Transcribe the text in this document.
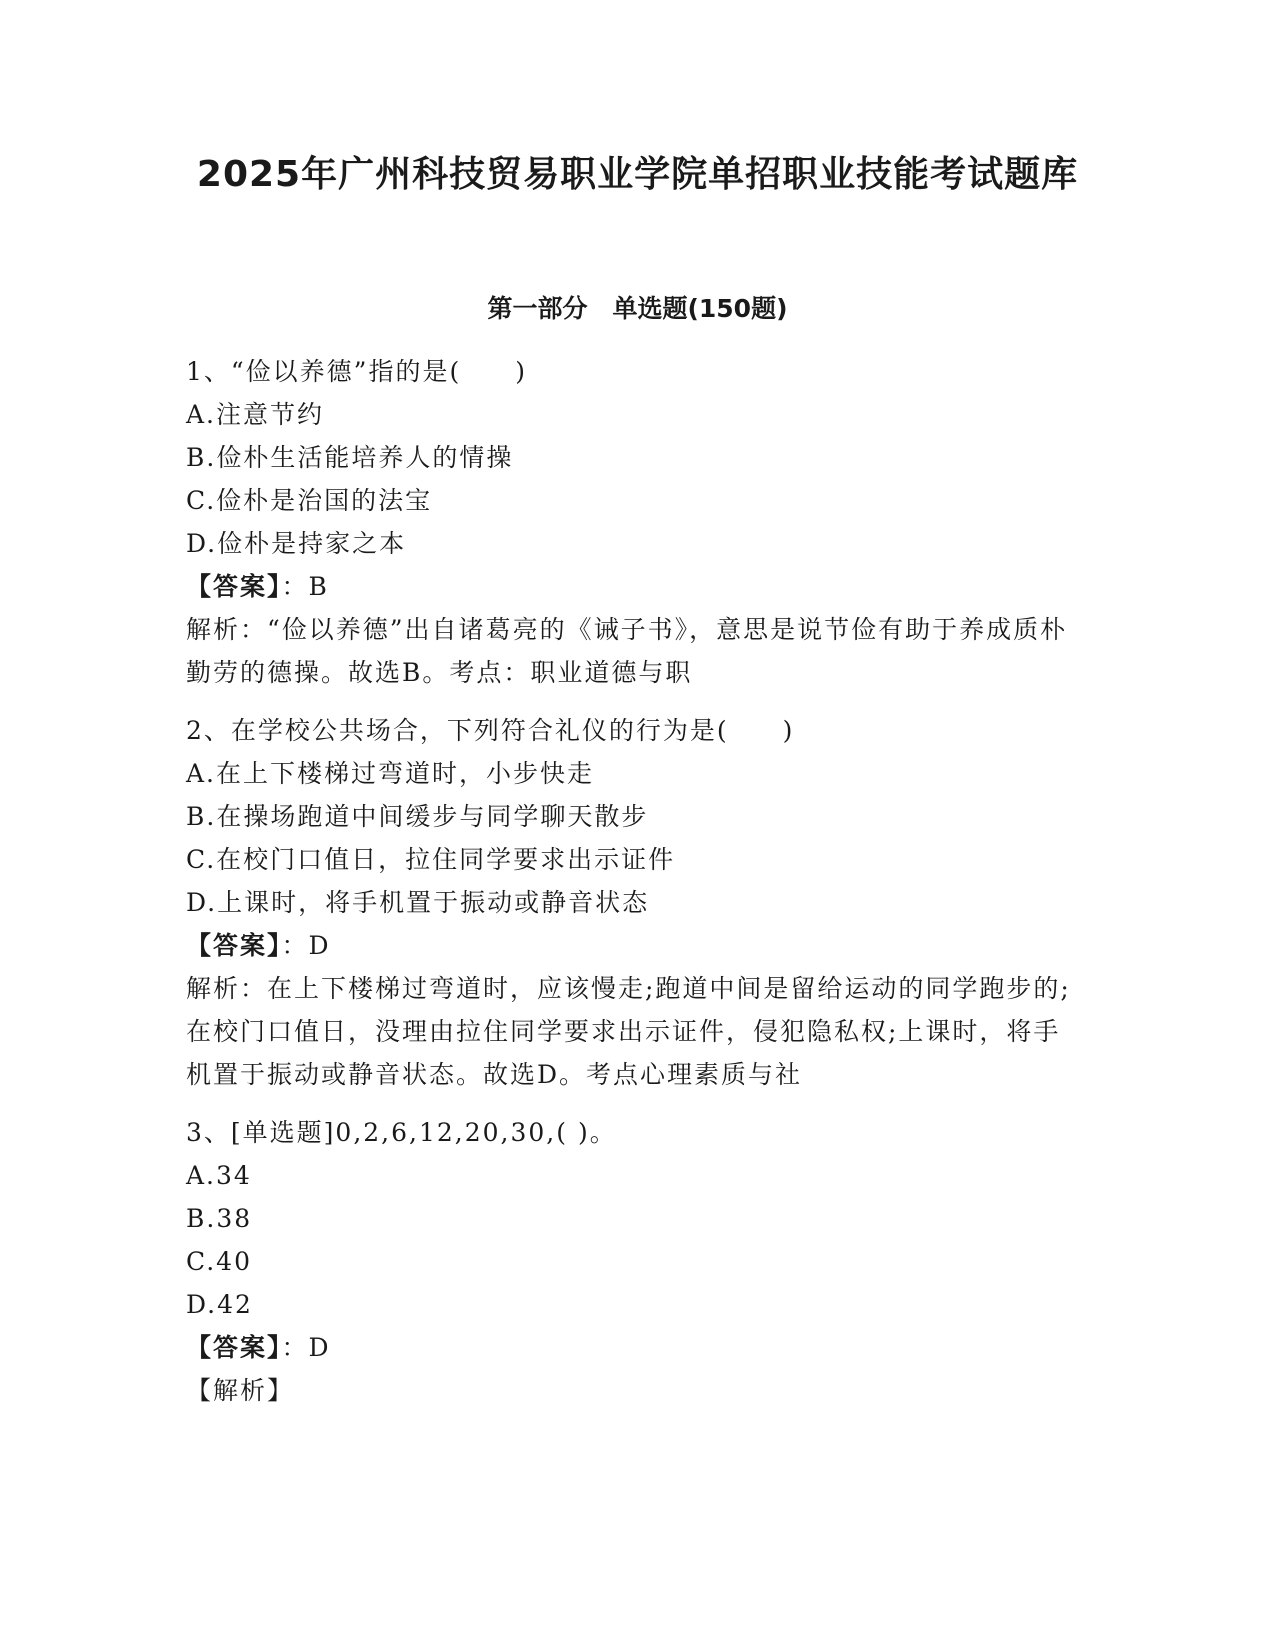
2025年广州科技贸易职业学院单招职业技能考试题库
第一部分　单选题(150题)

1、“俭以养德”指的是(　　)

A.注意节约

B.俭朴生活能培养人的情操

C.俭朴是治国的法宝

D.俭朴是持家之本

【答案】：B

解析：“俭以养德”出自诸葛亮的《诫子书》，意思是说节俭有助于养成质朴勤劳的德操。故选B。考点：职业道德与职

2、在学校公共场合，下列符合礼仪的行为是(　　)

A.在上下楼梯过弯道时，小步快走

B.在操场跑道中间缓步与同学聊天散步

C.在校门口值日，拉住同学要求出示证件

D.上课时，将手机置于振动或静音状态

【答案】：D

解析：在上下楼梯过弯道时，应该慢走;跑道中间是留给运动的同学跑步的;在校门口值日，没理由拉住同学要求出示证件，侵犯隐私权;上课时，将手机置于振动或静音状态。故选D。考点心理素质与社

3、[单选题]0,2,6,12,20,30,( )。

A.34

B.38

C.40

D.42

【答案】：D

【解析】
